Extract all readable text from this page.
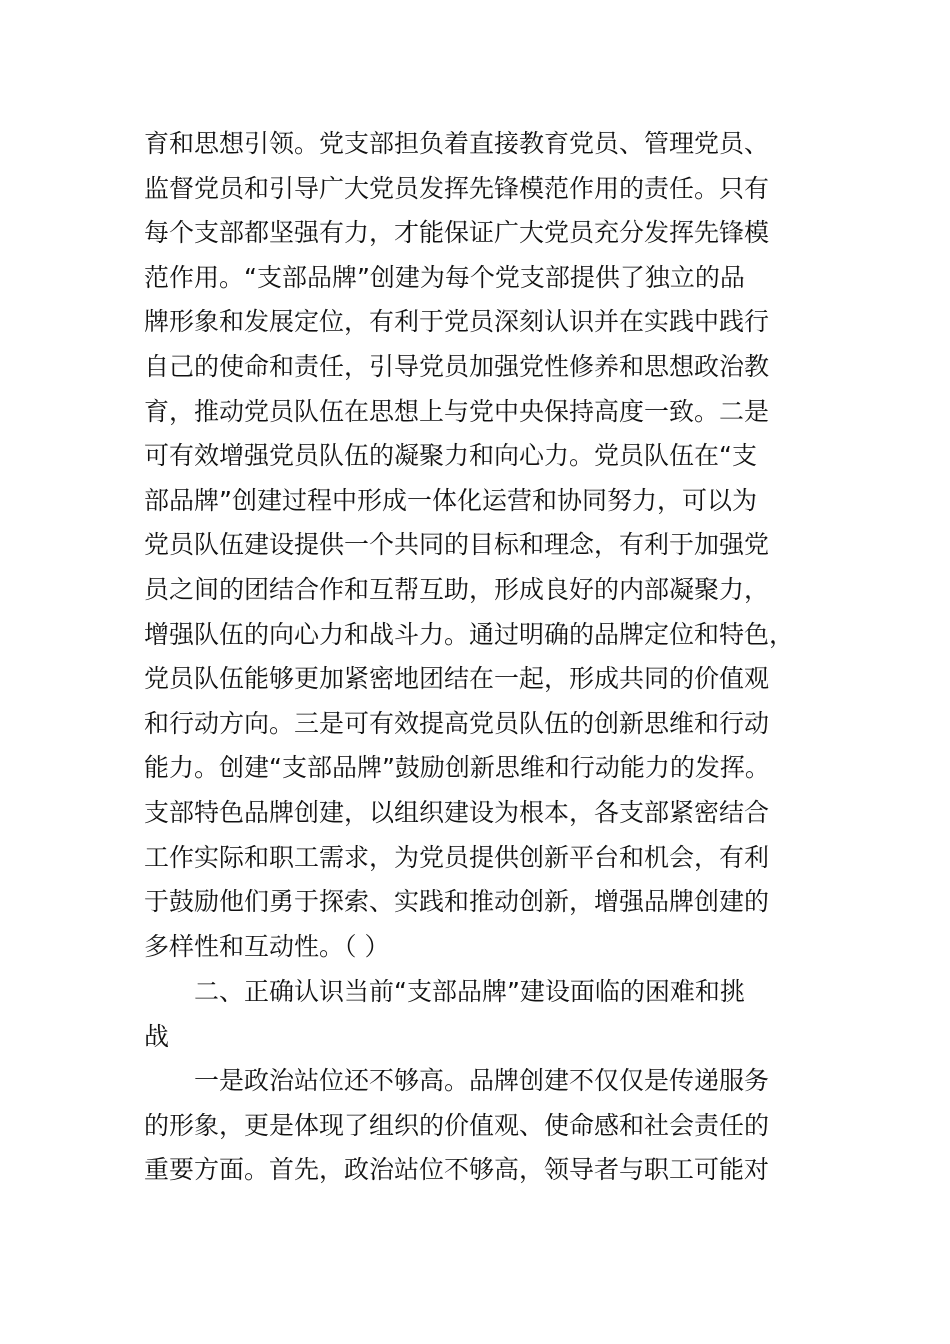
育和思想引领。党支部担负着直接教育党员、管理党员、
监督党员和引导广大党员发挥先锋模范作用的责任。只有
每个支部都坚强有力，才能保证广大党员充分发挥先锋模
范作用。“支部品牌”创建为每个党支部提供了独立的品
牌形象和发展定位，有利于党员深刻认识并在实践中践行
自己的使命和责任，引导党员加强党性修养和思想政治教
育，推动党员队伍在思想上与党中央保持高度一致。二是
可有效增强党员队伍的凝聚力和向心力。党员队伍在“支
部品牌”创建过程中形成一体化运营和协同努力，可以为
党员队伍建设提供一个共同的目标和理念，有利于加强党
员之间的团结合作和互帮互助，形成良好的内部凝聚力，
增强队伍的向心力和战斗力。通过明确的品牌定位和特色，
党员队伍能够更加紧密地团结在一起，形成共同的价值观
和行动方向。三是可有效提高党员队伍的创新思维和行动
能力。创建“支部品牌”鼓励创新思维和行动能力的发挥。
支部特色品牌创建，以组织建设为根本，各支部紧密结合
工作实际和职工需求，为党员提供创新平台和机会，有利
于鼓励他们勇于探索、实践和推动创新，增强品牌创建的
多样性和互动性。（ ）
二、正确认识当前“支部品牌”建设面临的困难和挑
战
一是政治站位还不够高。品牌创建不仅仅是传递服务
的形象，更是体现了组织的价值观、使命感和社会责任的
重要方面。首先，政治站位不够高，领导者与职工可能对
